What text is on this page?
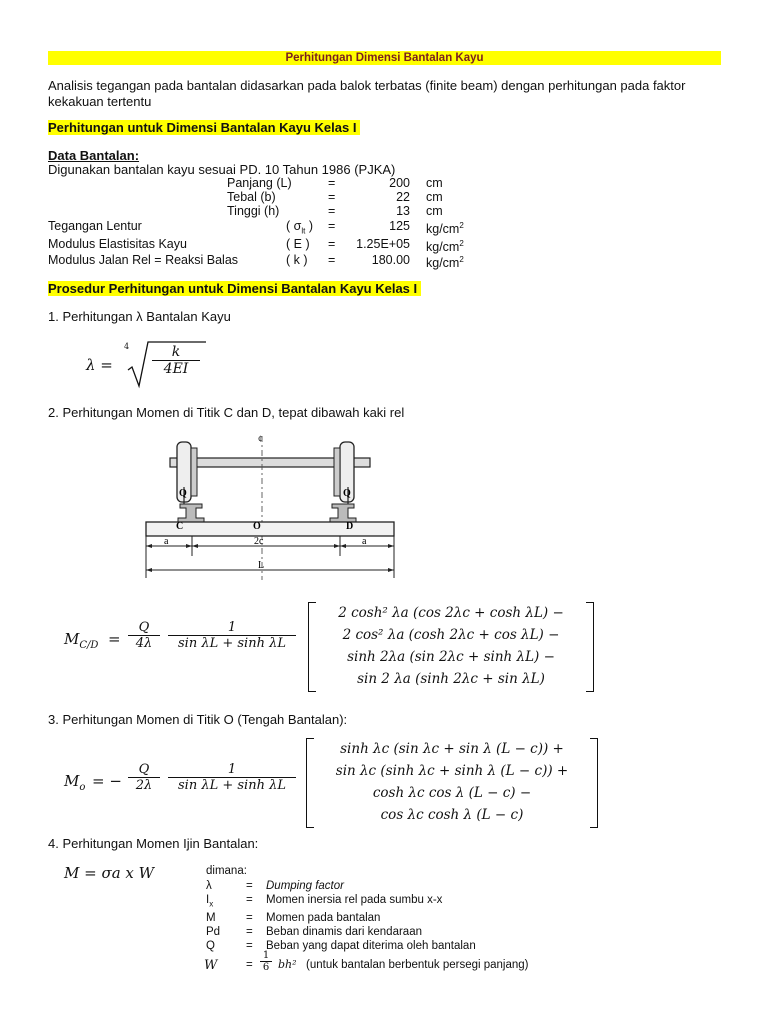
Perhitungan Dimensi Bantalan Kayu
Analisis tegangan pada bantalan didasarkan pada balok terbatas (finite beam) dengan perhitungan pada faktor kekakuan tertentu
Perhitungan untuk Dimensi Bantalan Kayu Kelas I
Data Bantalan:
Digunakan bantalan kayu sesuai PD. 10 Tahun 1986 (PJKA)
Panjang (L)	=	200 cm
Tebal (b)	=	22 cm
Tinggi (h)	=	13 cm
Tegangan Lentur	( $\sigma_{lt}$ ) =	125 $kg/cm^2$
Modulus Elastisitas Kayu	( E ) =	1.25E+05 $kg/cm^2$
Modulus Jalan Rel = Reaksi Balas	( k ) =	180.00 $kg/cm^2$
Prosedur Perhitungan untuk Dimensi Bantalan Kayu Kelas I
1. Perhitungan λ Bantalan Kayu
λ =
$4 \frac{k}{4EI}$
2. Perhitungan Momen di Titik C dan D, tepat dibawah kaki rel
a	2c	a
L
Q	Q
C	O	D
¢
$M_{C/D} = \frac{Q}{4\lambda} \frac{1}{\text{sin λL + sinh λL}}$
2 cosh² λa (cos 2λc + cosh λL) −
2 cos² λa (cosh 2λc + cos λL) −
sinh 2λa (sin 2λc + sinh λL) −
sin 2 λa (sinh 2λc + sin λL)
3. Perhitungan Momen di Titik O (Tengah Bantalan):
$M_o$ = − $\frac{Q}{2\lambda} \frac{1}{\text{sin λL + sinh λL}}$
sinh λc (sin λc + sin λ (L − c)) +
sin λc (sinh λc + sinh λ (L − c)) +
cosh λc cos λ (L − c) −
cos λc cosh λ (L − c)
4. Perhitungan Momen Ijin Bantalan:
M = σa x W	dimana:
λ	=	Dumping factor
$I_x$	=	Momen inersia rel pada sumbu x-x
M	=	Momen pada bantalan
Pd	=	Beban dinamis dari kendaraan
Q	=	Beban yang dapat diterima oleh bantalan
$W = \frac{1}{6} bh^2$ (untuk bantalan berbentuk persegi panjang)
